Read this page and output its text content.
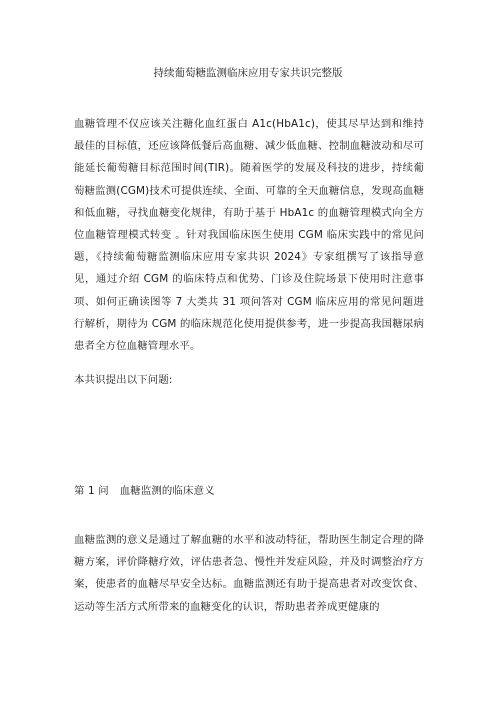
持续葡萄糖监测临床应用专家共识完整版

血糖管理不仅应该关注糖化血红蛋白 A1c(HbA1c)，使其尽早达到和维持最佳的目标值，还应该降低餐后高血糖、减少低血糖、控制血糖波动和尽可能延长葡萄糖目标范围时间(TIR)。随着医学的发展及科技的进步，持续葡萄糖监测(CGM)技术可提供连续、全面、可靠的全天血糖信息，发现高血糖和低血糖，寻找血糖变化规律，有助于基于 HbA1c 的血糖管理模式向全方位血糖管理模式转变 。针对我国临床医生使用 CGM 临床实践中的常见问题，《持续葡萄糖监测临床应用专家共识 2024》专家组撰写了该指导意见，通过介绍 CGM 的临床特点和优势、门诊及住院场景下使用时注意事项、如何正确读图等 7 大类共 31 项问答对 CGM 临床应用的常见问题进行解析，期待为 CGM 的临床规范化使用提供参考，进一步提高我国糖尿病患者全方位血糖管理水平。

本共识提出以下问题:

第 1 问 血糖监测的临床意义

血糖监测的意义是通过了解血糖的水平和波动特征，帮助医生制定合理的降糖方案，评价降糖疗效，评估患者急、慢性并发症风险，并及时调整治疗方案，使患者的血糖尽早安全达标。血糖监测还有助于提高患者对改变饮食、运动等生活方式所带来的血糖变化的认识，帮助患者养成更健康的
